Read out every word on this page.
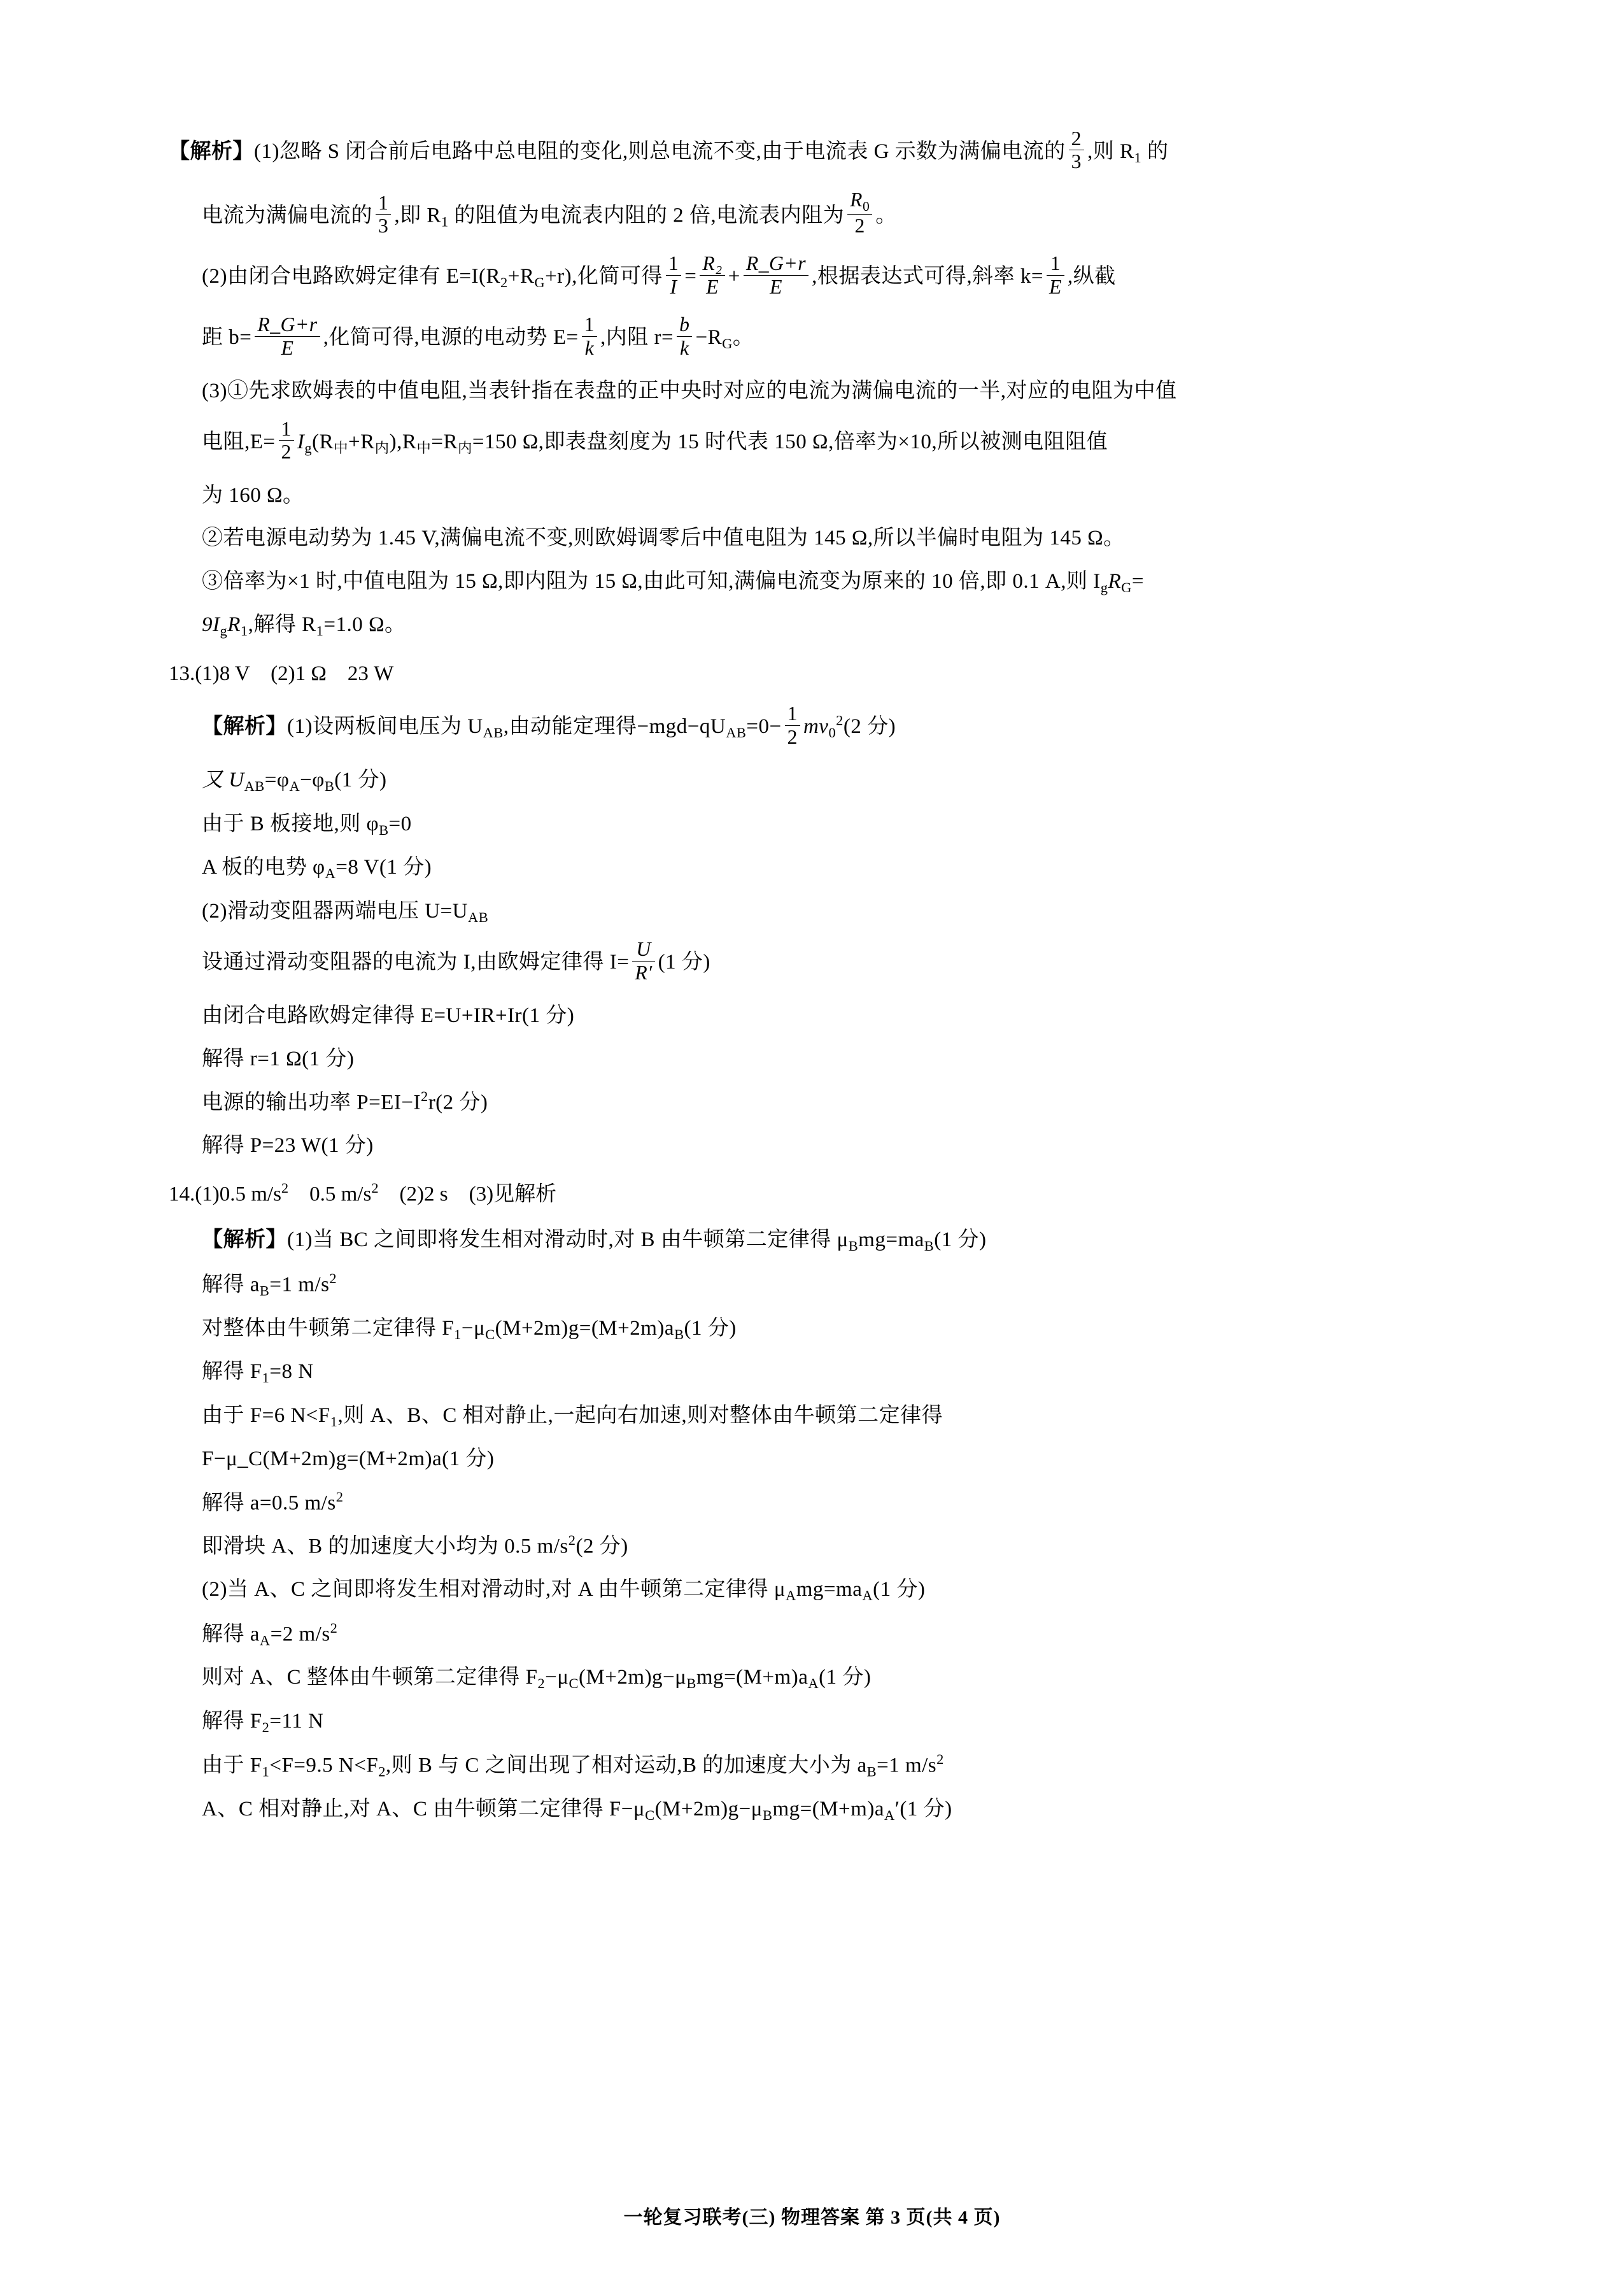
【解析】(1)忽略 S 闭合前后电路中总电阻的变化,则总电流不变,由于电流表 G 示数为满偏电流的 $\frac{2}{3}$ ,则 $R_1$ 的

电流为满偏电流的 $\frac{1}{3}$ ,即 $R_1$ 的阻值为电流表内阻的 2 倍,电流表内阻为 $\frac{R_0}{2}$ 。

(2)由闭合电路欧姆定律有 $E=I(R_2+R_G+r)$,化简可得 $\frac{1}{I} = \frac{\text{R₂}}{E} + \frac{R\_G+r}{E}$ ,根据表达式可得,斜率 $k= \frac{1}{E}$ ,纵截

距 $b= \frac{R\_G+r}{E}$ ,化简可得,电源的电动势 $E= \frac{1}{k}$ ,内阻 $r= \frac{b}{k} -R_G$。

(3)①先求欧姆表的中值电阻,当表针指在表盘的正中央时对应的电流为满偏电流的一半,对应的电阻为中值

电阻$,E= \frac{1}{2} I_g(R_中+R_内),R_中=R_内=150$ Ω,即表盘刻度为 15 时代表 150 Ω,倍率为×10,所以被测电阻阻值

为 160 Ω。

②若电源电动势为 1.45 V,满偏电流不变,则欧姆调零后中值电阻为 145 Ω,所以半偏时电阻为 145 Ω。

③倍率为×1 时,中值电阻为 15 Ω,即内阻为 15 Ω,由此可知,满偏电流变为原来的 10 倍,即 0.1 A,则 $I_gR_G=$

$9I_gR_1$,解得 $R_1=1.0$ Ω。

13.(1)8 V　(2)1 Ω　23 W

【解析】(1)设两板间电压为 $U_{AB}$,由动能定理得$-mgd-qU_{AB}=0- \frac{1}{2} mv_0^2(2$ 分)

又 $U_{AB}=\varphi_A-\varphi_B(1$ 分)

由于 B 板接地,则 $\varphi_B=0$

A 板的电势 $\varphi_A=8$ V(1 分)

(2)滑动变阻器两端电压 $U=U_{AB}$

设通过滑动变阻器的电流为 I,由欧姆定律得 $I= \frac{U}{R'} (1$ 分)

由闭合电路欧姆定律得 E=U+IR+Ir(1 分)

解得 r=1 Ω(1 分)

电源的输出功率 $P=EI-I^2r(2$ 分)

解得 P=23 W(1 分)

14.(1)0.5 $m/s^2$　0.5 $m/s^2$　(2)2 s　(3)见解析

【解析】(1)当 BC 之间即将发生相对滑动时,对 B 由牛顿第二定律得 $\mu_Bmg=ma_B(1$ 分)

解得 $a_B=1$ $m/s^2$

对整体由牛顿第二定律得 $F_1-\mu_C(M+2m)g=(M+2m)a_B(1$ 分)

解得 $F_1=8$ N

由于 F=6 $N<F_1$,则 A、B、C 相对静止,一起向右加速,则对整体由牛顿第二定律得

F−μ_C(M+2m)g=(M+2m)a(1 分)

解得 a=0.5 $m/s^2$

即滑块 A、B 的加速度大小均为 0.5 $m/s^2(2$ 分)

(2)当 A、C 之间即将发生相对滑动时,对 A 由牛顿第二定律得 $\mu_Amg=ma_A(1$ 分)

解得 $a_A=2$ $m/s^2$

则对 A、C 整体由牛顿第二定律得 $F_2-\mu_C(M+2m)g-\mu_Bmg=(M+m)a_A(1$ 分)

解得 $F_2=11$ N

由于 $F_1<F=9.5$ $N<F_2$,则 B 与 C 之间出现了相对运动,B 的加速度大小为 $a_B=1$ $m/s^2$

A、C 相对静止,对 A、C 由牛顿第二定律得 $F-\mu_C(M+2m)g-\mu_Bmg=(M+m)a_A'(1$ 分)

一轮复习联考(三) 物理答案 第 3 页(共 4 页)
